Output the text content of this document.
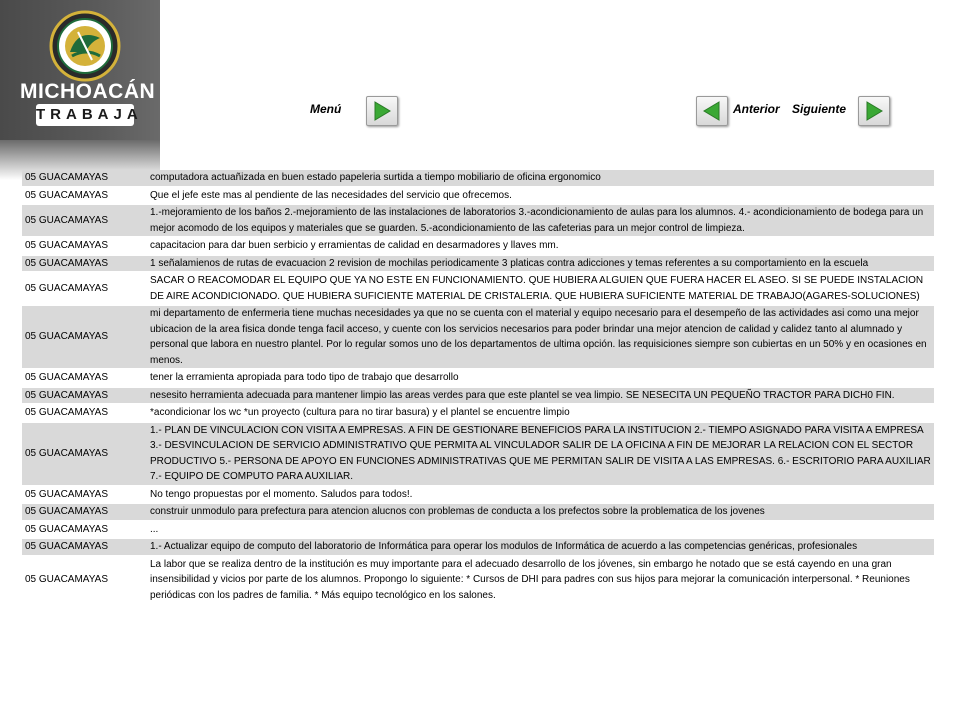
MICHOACÁN
TRABAJA	Menú	Anterior Siguiente
05 GUACAMAYAS	computadora actuañizada en buen estado papeleria surtida a tiempo mobiliario de oficina ergonomico
05 GUACAMAYAS	Que el jefe este mas al pendiente de las necesidades del servicio que ofrecemos.
05 GUACAMAYAS	1.-mejoramiento de los baños 2.-mejoramiento de las instalaciones de laboratorios 3.-acondicionamiento de aulas para los alumnos. 4.- acondicionamiento de bodega para un mejor acomodo de los equipos y materiales que se guarden. 5.-acondicionamiento de las cafeterias para un mejor control de limpieza.
05 GUACAMAYAS	capacitacion para dar buen serbicio y erramientas de calidad en desarmadores y llaves mm.
05 GUACAMAYAS	1 señalamienos de rutas de evacuacion 2 revision de mochilas periodicamente 3 platicas contra adicciones y temas referentes a su comportamiento en la escuela
05 GUACAMAYAS	SACAR O REACOMODAR EL EQUIPO QUE YA NO ESTE EN FUNCIONAMIENTO. QUE HUBIERA ALGUIEN QUE FUERA HACER EL ASEO. SI SE PUEDE INSTALACION DE AIRE ACONDICIONADO. QUE HUBIERA SUFICIENTE MATERIAL DE CRISTALERIA. QUE HUBIERA SUFICIENTE MATERIAL DE TRABAJO(AGARES-SOLUCIONES)
05 GUACAMAYAS	mi departamento de enfermeria tiene muchas necesidades ya que no se cuenta con el material y equipo necesario para el desempeño de las actividades asi como una mejor ubicacion de la area fisica donde tenga facil acceso, y cuente con los servicios necesarios para poder brindar una mejor atencion de calidad y calidez tanto al alumnado y personal que labora en nuestro plantel. Por lo regular somos uno de los departamentos de ultima opción. las requisiciones siempre son cubiertas en un 50% y en ocasiones en menos.
05 GUACAMAYAS	tener la erramienta apropiada para todo tipo de trabajo que desarrollo
05 GUACAMAYAS	nesesito herramienta adecuada para mantener limpio las areas verdes para que este plantel se vea limpio. SE NESECITA UN PEQUEÑO TRACTOR PARA DICH0 FIN.
05 GUACAMAYAS	*acondicionar los wc *un proyecto (cultura para no tirar basura) y el plantel se encuentre limpio
05 GUACAMAYAS	1.- PLAN DE VINCULACION CON VISITA A EMPRESAS. A FIN DE GESTIONARE BENEFICIOS PARA LA INSTITUCION 2.- TIEMPO ASIGNADO PARA VISITA A EMPRESA 3.- DESVINCULACION DE SERVICIO ADMINISTRATIVO QUE PERMITA AL VINCULADOR SALIR DE LA OFICINA A FIN DE MEJORAR LA RELACION CON EL SECTOR PRODUCTIVO 5.- PERSONA DE APOYO EN FUNCIONES ADMINISTRATIVAS QUE ME PERMITAN SALIR DE VISITA A LAS EMPRESAS. 6.- ESCRITORIO PARA AUXILIAR 7.- EQUIPO DE COMPUTO PARA AUXILIAR.
05 GUACAMAYAS	No tengo propuestas por el momento. Saludos para todos!.
05 GUACAMAYAS	construir unmodulo para prefectura para atencion alucnos con problemas de conducta a los prefectos sobre la problematica de los jovenes
05 GUACAMAYAS	...
05 GUACAMAYAS	1.- Actualizar equipo de computo del laboratorio de Informática para operar los modulos de Informática de acuerdo a las competencias genéricas, profesionales
05 GUACAMAYAS	La labor que se realiza dentro de la institución es muy importante para el adecuado desarrollo de los jóvenes, sin embargo he notado que se está cayendo en una gran insensibilidad y vicios por parte de los alumnos. Propongo lo siguiente: * Cursos de DHI para padres con sus hijos para mejorar la comunicación interpersonal. * Reuniones periódicas con los padres de familia. * Más equipo tecnológico en los salones.
